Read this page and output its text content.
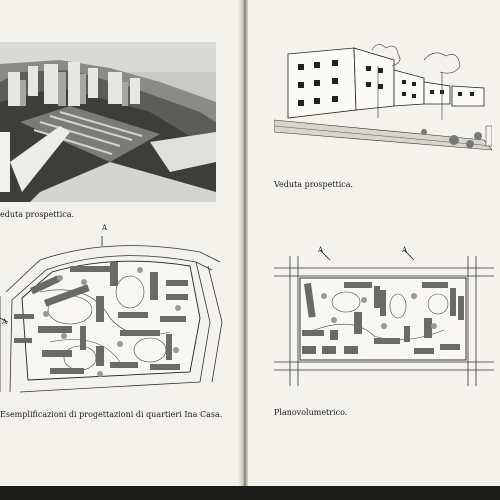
eduta prospettica.
A
A
Esemplificazioni di progettazioni di quartieri Ina Casa.
Veduta prospettica.
A	A
Planovolumetrico.
